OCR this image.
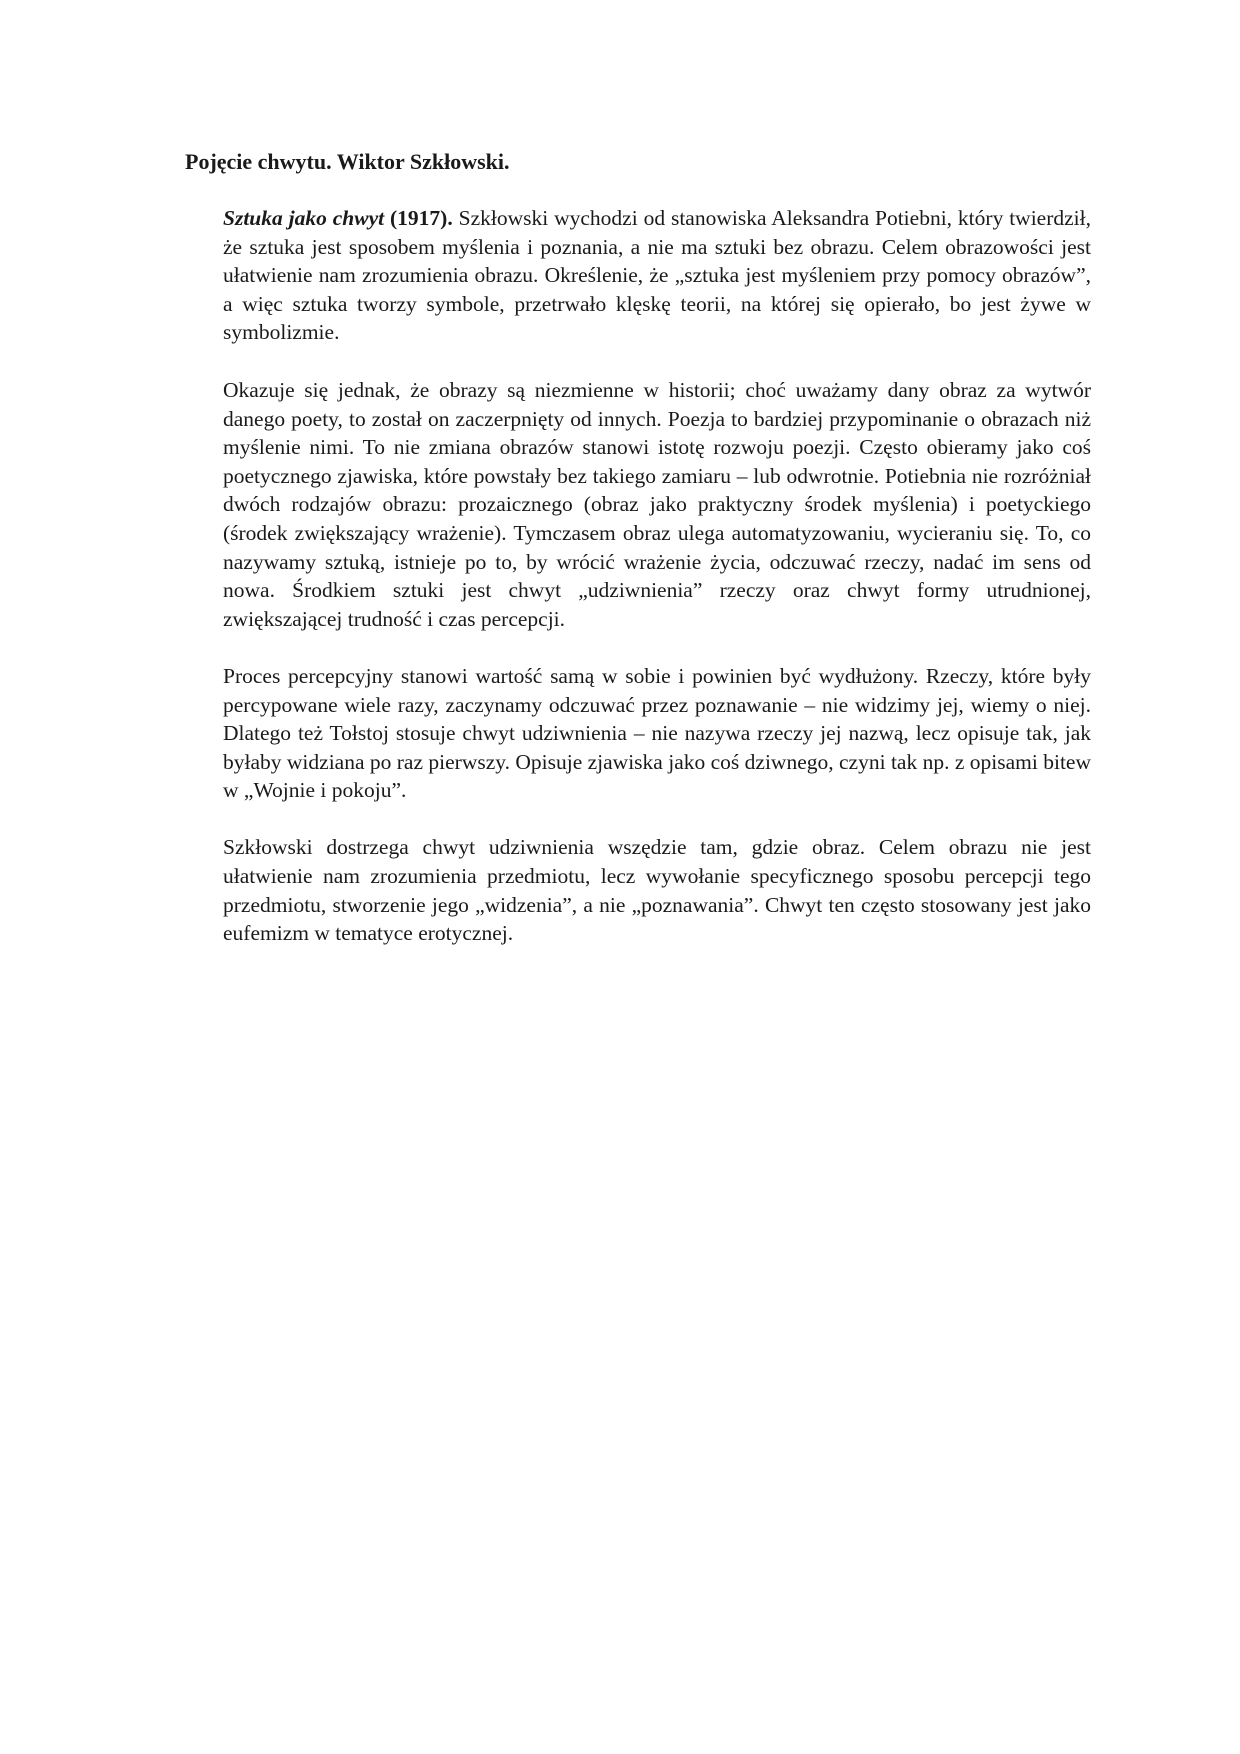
Pojęcie chwytu. Wiktor Szkłowski.

Sztuka jako chwyt (1917). Szkłowski wychodzi od stanowiska Aleksandra Potiebni, który twierdził, że sztuka jest sposobem myślenia i poznania, a nie ma sztuki bez obrazu. Celem obrazowości jest ułatwienie nam zrozumienia obrazu. Określenie, że „sztuka jest myśleniem przy pomocy obrazów”, a więc sztuka tworzy symbole, przetrwało klęskę teorii, na której się opierało, bo jest żywe w symbolizmie.

Okazuje się jednak, że obrazy są niezmienne w historii; choć uważamy dany obraz za wytwór danego poety, to został on zaczerpnięty od innych. Poezja to bardziej przypominanie o obrazach niż myślenie nimi. To nie zmiana obrazów stanowi istotę rozwoju poezji. Często obieramy jako coś poetycznego zjawiska, które powstały bez takiego zamiaru – lub odwrotnie. Potiebnia nie rozróżniał dwóch rodzajów obrazu: prozaicznego (obraz jako praktyczny środek myślenia) i poetyckiego (środek zwiększający wrażenie). Tymczasem obraz ulega automatyzowaniu, wycieraniu się. To, co nazywamy sztuką, istnieje po to, by wrócić wrażenie życia, odczuwać rzeczy, nadać im sens od nowa. Środkiem sztuki jest chwyt „udziwnienia” rzeczy oraz chwyt formy utrudnionej, zwiększającej trudność i czas percepcji.

Proces percepcyjny stanowi wartość samą w sobie i powinien być wydłużony. Rzeczy, które były percypowane wiele razy, zaczynamy odczuwać przez poznawanie – nie widzimy jej, wiemy o niej. Dlatego też Tołstoj stosuje chwyt udziwnienia – nie nazywa rzeczy jej nazwą, lecz opisuje tak, jak byłaby widziana po raz pierwszy. Opisuje zjawiska jako coś dziwnego, czyni tak np. z opisami bitew w „Wojnie i pokoju”.

Szkłowski dostrzega chwyt udziwnienia wszędzie tam, gdzie obraz. Celem obrazu nie jest ułatwienie nam zrozumienia przedmiotu, lecz wywołanie specyficznego sposobu percepcji tego przedmiotu, stworzenie jego „widzenia”, a nie „poznawania”. Chwyt ten często stosowany jest jako eufemizm w tematyce erotycznej.
